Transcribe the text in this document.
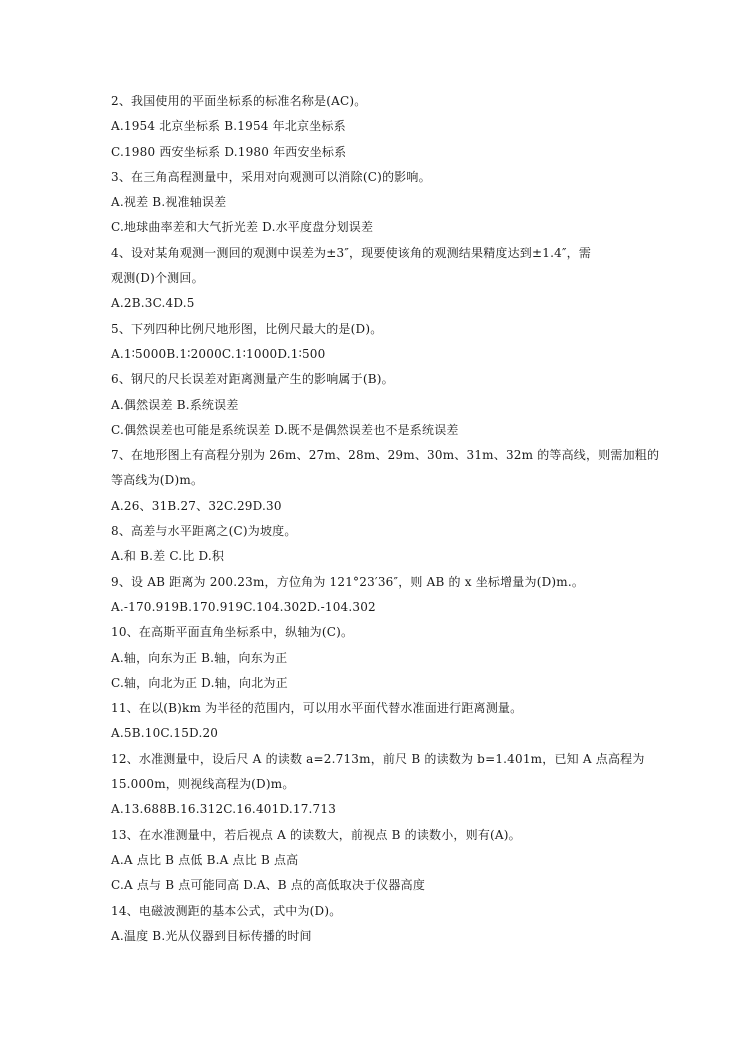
2、我国使用的平面坐标系的标准名称是(AC)。
A.1954 北京坐标系 B.1954 年北京坐标系
C.1980 西安坐标系 D.1980 年西安坐标系
3、在三角高程测量中，采用对向观测可以消除(C)的影响。
A.视差 B.视准轴误差
C.地球曲率差和大气折光差 D.水平度盘分划误差
4、设对某角观测一测回的观测中误差为±3″，现要使该角的观测结果精度达到±1.4″，需
观测(D)个测回。
A.2B.3C.4D.5
5、下列四种比例尺地形图，比例尺最大的是(D)。
A.1∶5000B.1∶2000C.1∶1000D.1∶500
6、钢尺的尺长误差对距离测量产生的影响属于(B)。
A.偶然误差 B.系统误差
C.偶然误差也可能是系统误差 D.既不是偶然误差也不是系统误差
7、在地形图上有高程分别为 26m、27m、28m、29m、30m、31m、32m 的等高线，则需加粗的
等高线为(D)m。
A.26、31B.27、32C.29D.30
8、高差与水平距离之(C)为坡度。
A.和 B.差 C.比 D.积
9、设 AB 距离为 200.23m，方位角为 121°23′36″，则 AB 的 x 坐标增量为(D)m.。
A.-170.919B.170.919C.104.302D.-104.302
10、在高斯平面直角坐标系中，纵轴为(C)。
A.轴，向东为正 B.轴，向东为正
C.轴，向北为正 D.轴，向北为正
11、在以(B)km 为半径的范围内，可以用水平面代替水准面进行距离测量。
A.5B.10C.15D.20
12、水准测量中，设后尺 A 的读数 a=2.713m，前尺 B 的读数为 b=1.401m，已知 A 点高程为
15.000m，则视线高程为(D)m。
A.13.688B.16.312C.16.401D.17.713
13、在水准测量中，若后视点 A 的读数大，前视点 B 的读数小，则有(A)。
A.A 点比 B 点低 B.A 点比 B 点高
C.A 点与 B 点可能同高 D.A、B 点的高低取决于仪器高度
14、电磁波测距的基本公式，式中为(D)。
A.温度 B.光从仪器到目标传播的时间
